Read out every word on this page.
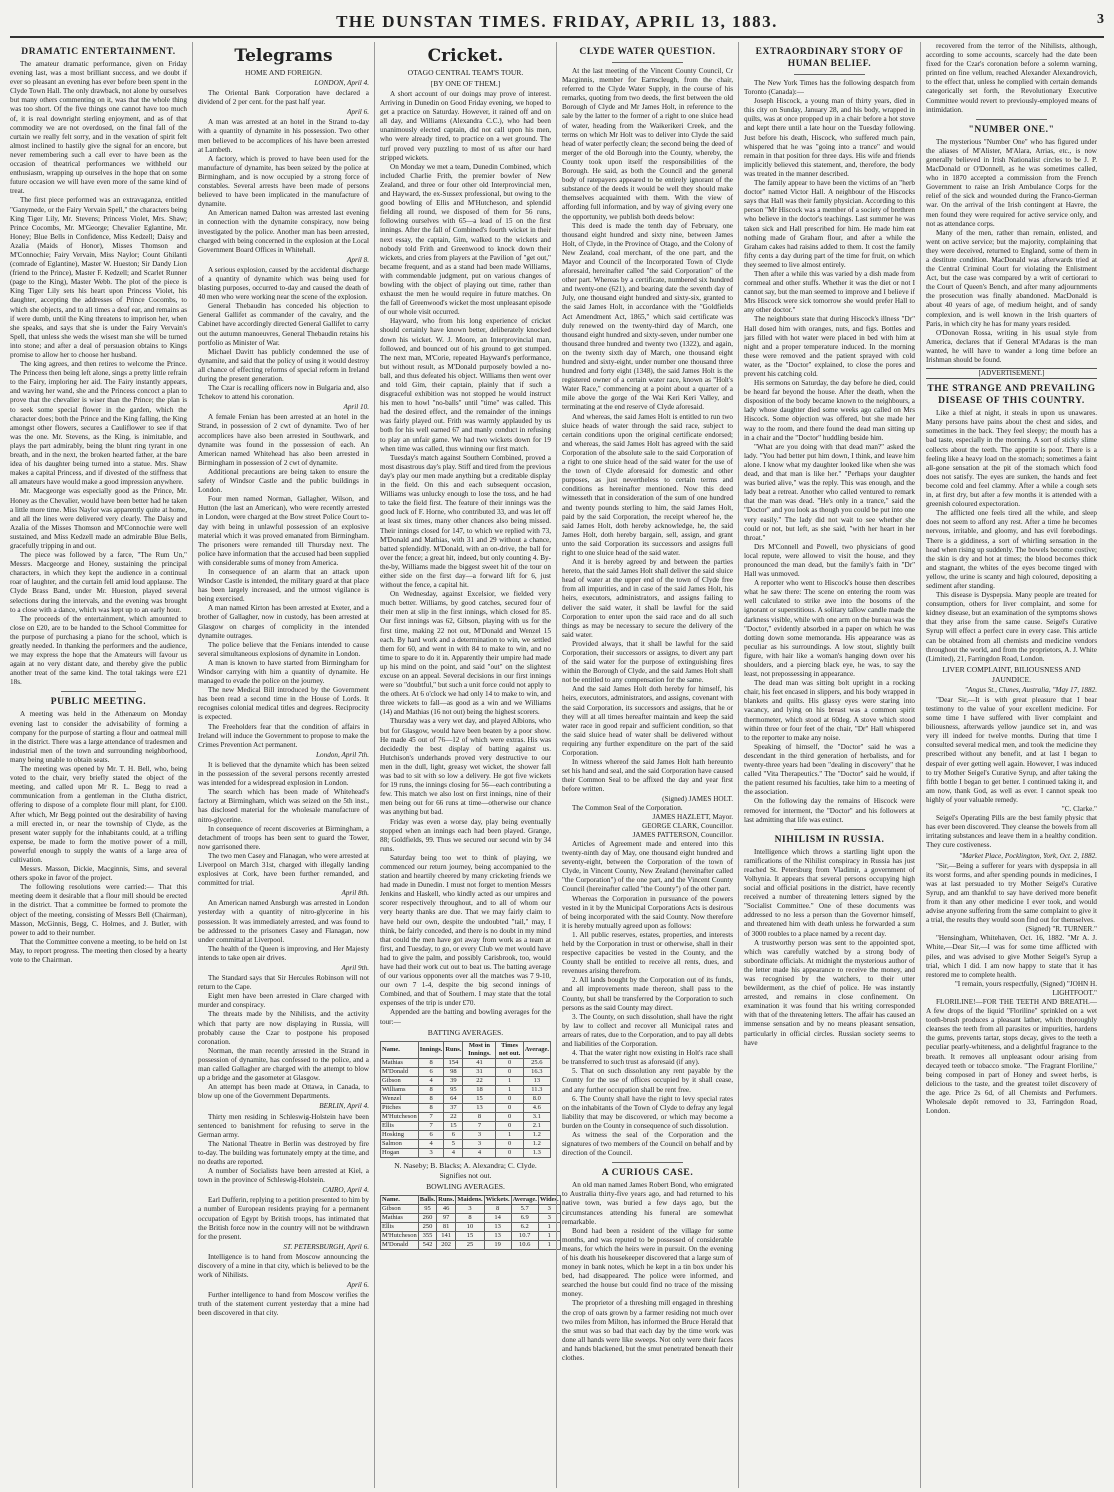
THE DUNSTAN TIMES. FRIDAY, APRIL 13, 1883.	3
DRAMATIC ENTERTAINMENT.

The amateur dramatic performance, given on Friday evening last, was a most brilliant success, and we doubt if ever so pleasant an evening has ever before been spent in the Clyde Town Hall. The only drawback, not alone by ourselves but many others commenting on it, was that the whole thing was too short. Of the five things one cannot have too much of, it is real downright sterling enjoyment, and as of that commodity we are not overdosed, on the final fall of the curtain we really felt sorry, and in the vexation of spirit felt almost inclined to hastily give the signal for an encore, but never remembering such a call ever to have been as the occasion of theatrical performances we withheld our enthusiasm, wrapping up ourselves in the hope that on some future occasion we will have even more of the same kind of treat.

The first piece performed was an extravaganza, entitled "Ganymede, or the Fairy Vervain Spell," the characters being King Tiger Lily, Mr. Stevens; Princess Violet, Mrs. Shaw; Prince Cocombs, Mr. M'George; Chevalier Eglantine, Mr. Honey; Blue Bells in Confidence, Miss Kedzell; Daisy and Azalia (Maids of Honor), Misses Thomson and M'Connochie; Fairy Vervain, Miss Naylor; Count Ghilanti (comrade of Eglantine), Master W. Hueston; Sir Dandy Lion (friend to the Prince), Master F. Kedzell; and Scarlet Runner (page to the King), Master Webb. The plot of the piece is King Tiger Lily sets his heart upon Princess Violet, his daughter, accepting the addresses of Prince Cocombs, to which she objects, and to all times a deaf ear, and remains as if were dumb, until the King threatens to imprison her, when she speaks, and says that she is under the Fairy Vervain's Spell, that unless she weds the wisest man she will be turned into stone; and after a deal of persuasion obtains to Kings promise to allow her to choose her husband.

The king agrees, and then retires to welcome the Prince. The Princess then being left alone, sings a pretty little refrain to the Fairy, imploring her aid. The Fairy instantly appears, and waving her wand, she and the Princess concoct a plan to prove that the chevalier is wiser than the Prince; the plan is to seek some special flower in the garden, which the character does; both the Prince and the King falling, the King amongst other flowers, secures a Cauliflower to see if that was the one. Mr. Stevens, as the King, is inimitable, and plays the part admirably, being the blunt ring tyrant in one breath, and in the next, the broken hearted father, at the bare idea of his daughter being turned into a statue. Mrs. Shaw makes a capital Princess, and if divested of the stiffness that all amateurs have would make a good impression anywhere.

Mr. Macgeorge was especially good as the Prince, Mr. Honey as the Chevalier, would have been better had he taken a little more time. Miss Naylor was apparently quite at home, and all the lines were delivered very clearly. The Daisy and Azalia of the Misses Thomson and M'Connochie were well sustained, and Miss Kedzell made an admirable Blue Bells, gracefully tripping in and out.

The piece was followed by a farce, "The Rum Un," Messrs. Macgeorge and Honey, sustaining the principal characters, in which they kept the audience in a continual roar of laughter, and the curtain fell amid loud applause. The Clyde Brass Band, under Mr. Hueston, played several selections during the intervals, and the evening was brought to a close with a dance, which was kept up to an early hour.

The proceeds of the entertainment, which amounted to close on £20, are to be handed to the School Committee for the purpose of purchasing a piano for the school, which is greatly needed. In thanking the performers and the audience, we may express the hope that the Amateurs will favour us again at no very distant date, and thereby give the public another treat of the same kind. The total takings were £21 18s.

PUBLIC MEETING.

A meeting was held in the Athenæum on Monday evening last to consider the advisability of forming a company for the purpose of starting a flour and oatmeal mill in the district. There was a large attendance of tradesmen and industrial men of the town and surrounding neighborhood, many being unable to obtain seats.

The meeting was opened by Mr. T. H. Bell, who, being voted to the chair, very briefly stated the object of the meeting, and called upon Mr R. L. Begg to read a communication from a gentleman in the Clutha district, offering to dispose of a complete flour mill plant, for £100. After which, Mr Begg pointed out the desirability of having a mill erected in, or near the township of Clyde, as the present water supply for the inhabitants could, at a trifling expense, be made to form the motive power of a mill, powerful enough to supply the wants of a large area of cultivation.

Messrs. Masson, Dickie, Macginnis, Sims, and several others spoke in favor of the project.

The following resolutions were carried:— That this meeting deem it desirable that a flour mill should be erected in the district. That a committee be formed to promote the object of the meeting, consisting of Messrs Bell (Chairman), Masson, McGinnis, Begg, C. Holmes, and J. Butler, with power to add to their number.

That the Committee convene a meeting, to be held on 1st May, to report progress. The meeting then closed by a hearty vote to the Chairman.

Telegrams
HOME AND FOREIGN.
LONDON, April 4.

The Oriental Bank Corporation have declared a dividend of 2 per cent. for the past half year.

April 6.

A man was arrested at an hotel in the Strand to-day with a quantity of dynamite in his possession. Two other men believed to be accomplices of his have been arrested at Lambeth.

A factory, which is proved to have been used for the manufacture of dynamite, has been seized by the police at Birmingham, and is now occupied by a strong force of constables. Several arrests have been made of persons believed to have been implicated in the manufacture of dynamite.

An American named Dalton was arrested last evening in connection with the dynamite conspiracy, now being investigated by the police. Another man has been arrested, charged with being concerned in the explosion at the Local Government Board Offices in Whitehall.

April 8.

A serious explosion, caused by the accidental discharge of a quantity of dynamite which was being used for blasting purposes, occurred to-day and caused the death of 40 men who were working near the scene of the explosion.

General Thebaudin has conceded his objection to General Gallifet as commander of the cavalry, and the Cabinet have accordingly directed General Gallifet to carry out the autumn manoeuvres, General Thebaudin retains his portfolio as Minister of War.

Michael Davitt has publicly condemned the use of dynamite, and said that the policy of using it would destroy all chance of effecting reforms of special reform in Ireland during the present generation.

The Czar is recalling officers now in Bulgaria and, also Tchekov to attend his coronation.

April 10.

A female Fenian has been arrested at an hotel in the Strand, in possession of 2 cwt of dynamite. Two of her accomplices have also been arrested in Southwark, and dynamite was found in the possession of each. An American named Whitehead has also been arrested in Birmingham in possession of 2 cwt of dynamite.

Additional precautions are being taken to ensure the safety of Windsor Castle and the public buildings in London.

Four men named Norman, Gallagher, Wilson, and Hutton (the last an American), who were recently arrested in London, were charged at the Bow street Police Court to-day with being in unlawful possession of an explosive material which it was proved emanated from Birmingham. The prisoners were remanded till Thursday next. The police have information that the accused had been supplied with considerable sums of money from America.

In consequence of an alarm that an attack upon Windsor Castle is intended, the military guard at that place has been largely increased, and the utmost vigilance is being exercised.

A man named Kirton has been arrested at Exeter, and a brother of Gallagher, now in custody, has been arrested at Glasgow on charges of complicity in the intended dynamite outrages.

The police believe that the Fenians intended to cause several simultaneous explosions of dynamite in London.

A man is known to have started from Birmingham for Windsor carrying with him a quantity of dynamite. He managed to evade the police on the journey.

The new Medical Bill introduced by the Government has been read a second time in the House of Lords. It recognises colonial medical titles and degrees. Reciprocity is expected.

The Freeholders fear that the condition of affairs in Ireland will induce the Government to propose to make the Crimes Prevention Act permanent.

London, April 7th.

It is believed that the dynamite which has been seized in the possession of the several persons recently arrested was intended for a widespread explosion in London.

The search which has been made of Whitehead's factory at Birmingham, which was seized on the 5th inst., has disclosed material for the wholesale manufacture of nitro-glycerine.

In consequence of recent discoveries at Birmingham, a detachment of troops has been sent to guard the Tower, now garrisoned there.

The two men Casey and Flanagan, who were arrested at Liverpool on March 31st, charged with illegally landing explosives at Cork, have been further remanded, and committed for trial.

April 8th.

An American named Ansburgh was arrested in London yesterday with a quantity of nitro-glycerine in his possession. It was immediately arrested, and was found to be addressed to the prisoners Casey and Flanagan, now under committal at Liverpool.

The health of the Queen is improving, and Her Majesty intends to take open air drives.

April 9th.

The Standard says that Sir Hercules Robinson will not return to the Cape.

Eight men have been arrested in Clare charged with murder and conspiracy.

The threats made by the Nihilists, and the activity which that party are now displaying in Russia, will probably cause the Czar to postpone his proposed coronation.

Norman, the man recently arrested in the Strand in possession of dynamite, has confessed to the police, and a man called Gallagher are charged with the attempt to blow up a bridge and the gasometer at Glasgow.

An attempt has been made at Ottawa, in Canada, to blow up one of the Government Departments.

BERLIN, April 4.

Thirty men residing in Schleswig-Holstein have been sentenced to banishment for refusing to serve in the German army.

The National Theatre in Berlin was destroyed by fire to-day. The building was fortunately empty at the time, and no deaths are reported.

A number of Socialists have been arrested at Kiel, a town in the province of Schleswig-Holstein.

CAIRO, April 4.

Earl Dufferin, replying to a petition presented to him by a number of European residents praying for a permanent occupation of Egypt by British troops, has intimated that the British force now in the country will not be withdrawn for the present.

ST. PETERSBURGH, April 6.

Intelligence is to hand from Moscow announcing the discovery of a mine in that city, which is believed to be the work of Nihilists.

April 6.

Further intelligence to hand from Moscow verifies the truth of the statement current yesterday that a mine had been discovered in that city.

Cricket.
OTAGO CENTRAL TEAM'S TOUR.
[BY ONE OF THEM.]

A short account of our doings may prove of interest. Arriving in Dunedin on Good Friday evening, we hoped to get a practice on Saturday. However, it rained off and on all day, and Williams (Alexandra C.C.), who had been unanimously elected captain, did not call upon his men, who were already tired, to practice on a wet ground. The turf proved very puzzling to most of us after our hard stripped wickets.

On Monday we met a team, Dunedin Combined, which included Charlie Frith, the premier bowler of New Zealand, and three or four other old Interprovincial men, and Hayward, the ex-Sussex professional, but owing to the good bowling of Ellis and M'Hutcheson, and splendid fielding all round, we disposed of them for 56 runs, following ourselves with 65—a lead of 15 on the first innings. After the fall of Combined's fourth wicket in their next essay, the captain, Gim, walked to the wickets and nobody told Frith and Greenwood to knock down their wickets, and cries from players at the Pavilion of "get out," became frequent, and as a stand had been made Williams, with commendable judgment, put on various changes of bowling with the object of playing out time, rather than exhaust the men he would require in future matches. On the fall of Greenwood's wicket the most unpleasant episode of our whole visit occurred.

Hayward, who from his long experience of cricket should certainly have known better, deliberately knocked down his wicket. W. J. Moore, an Interprovincial man, followed, and bounced out of his ground to get stumped. The next man, M'Corie, repeated Hayward's performance, but without result, as M'Donald purposely bowled a no-ball, and thus defeated his object. Williams then went over and told Gim, their captain, plainly that if such a disgraceful exhibition was not stopped he would instruct his men to howl "no-balls" until "time" was called. This had the desired effect, and the remainder of the innings was fairly played out. Frith was warmly applauded by us both for his well earned 67 and manly conduct in refusing to play an unfair game. We had two wickets down for 19 when time was called, thus winning our first match.

Tuesday's match against Southern Combined, proved a most disastrous day's play. Stiff and tired from the previous day's play our men made anything but a creditable display in the field. On this and each subsequent occasion, Williams was unlucky enough to lose the toss, and he had to take the field first. The feature of their innings was the good luck of F. Horne, who contributed 33, and was let off at least six times, many other chances also being missed. Their innings closed for 147, to which we replied with 73, M'Donald and Mathias, with 31 and 29 without a chance, batted splendidly. M'Donald, with an on-drive, the ball for over the fence; a great hit, indeed, but only counting 4. By-the-by, Williams made the biggest sweet hit of the tour on either side on the first day—a forward lift for 6, just without the fence, a capital hit.

On Wednesday, against Excelsior, we fielded very much better. Williams, by good catches, secured four of their men at slip in the first innings, which closed for 85. Our first innings was 62, Gibson, playing with us for the first time, making 22 not out, M'Donald and Wenzel 15 each. By hard work and a determination to win, we settled them for 60, and went in with 84 to make to win, and no time to spare to do it in. Apparently their umpire had made up his mind on the point, and said "out" on the slightest excuse on an appeal. Several decisions in our first innings were so "doubtful," but such a unit force could not apply to the others. At 6 o'clock we had only 14 to make to win, and three wickets to fall—as good as a win and we Williams (14) and Mathias (16 not out) being the highest scorers.

Thursday was a very wet day, and played Albions, who but for Glasgow, would have been beaten by a poor show. He made 45 out of 76—12 of which were extras. His was decidedly the best display of batting against us. Hutchison's underhands proved very destructive to our men in the dull, light, greasy wet wicket, the shower fall was bad to sit with so low a delivery. He got five wickets for 19 runs, the innings closing for 56—each contributing a few. This match we also lost on first innings, nine of their men being out for 66 runs at time—otherwise our chance was anything but bad.

Friday was even a worse day, play being eventually stopped when an innings each had been played. Grange, 88; Goldfields, 99. Thus we secured our second win by 34 runs.

Saturday being too wet to think of playing, we commenced our return journey, being accompanied to the station and heartily cheered by many cricketing friends we had made in Dunedin. I must not forget to mention Messrs Jenkins and Haskell, who kindly acted as our umpires and scorer respectively throughout, and to all of whom our very hearty thanks are due. That we may fairly claim to have held our own, despite the undoubted "tail," may, I think, be fairly conceded, and there is no doubt in my mind that could the men have got away from work as a team at first, and Tuesday, to go, or every Club we met would have had to give the palm, and possibly Carisbrook, too, would have had their work cut out to beat us. The batting average of our various opponents over all the matches was 7 9-10, our own 7 1-4, despite the big second innings of Combined, and that of Southern. I may state that the total expenses of the trip is under £70.

Appended are the batting and bowling averages for the tour:—

BATTING AVERAGES.
Name.	Innings.	Runs.	Most in Innings.	Times not out.	Average.
Mathias	8	154	41	0	25.6
M'Donald	6	98	31	0	16.3
Gibson	4	39	22	1	13
Williams	8	95	18	1	11.3
Wenzel	8	64	15	0	8.0
Pitches	8	37	13	0	4.6
M'Hutcheson	7	22	8	0	3.1
Ellis	7	15	7	0	2.1
Hosking	6	6	3	1	1.2
Salmon	4	5	3	0	1.2
Hogan	3	4	4	0	1.3
N. Naseby; B. Blacks; A. Alexandra; C. Clyde. Signifies not out.
BOWLING AVERAGES.
Name.	Balls.	Runs.	Maidens.	Wickets.	Average.	Wides.
Gibson	95	46	3	8	5.7	3
Mathias	260	97	8	14	6.9	3
Ellis	250	81	10	13	6.2	1
M'Hutcheson	355	141	15	13	10.7	1
M'Donald	542	202	25	19	10.6	1
CLYDE WATER QUESTION.

At the last meeting of the Vincent County Council, Cr Macginnis, member for Earnscleugh, from the chair, referred to the Clyde Water Supply, in the course of his remarks, quoting from two deeds, the first between the old Borough of Clyde and Mr James Holt, in reference to the sale by the latter to the former of a right to one sluice head of water, heading from the Waikerikeri Creek, and the terms on which Mr Holt was to deliver into Clyde the said head of water perfectly clean; the second being the deed of merger of the old Borough into the County, whereby, the County took upon itself the responsibilities of the Borough. He said, as both the Council and the general body of ratepayers appeared to be entirely ignorant of the substance of the deeds it would be well they should make themselves acquainted with them. With the view of affording full information, and by way of giving every one the opportunity, we publish both deeds below:

This deed is made the tenth day of February, one thousand eight hundred and sixty nine, between James Holt, of Clyde, in the Province of Otago, and the Colony of New Zealand, coal merchant, of the one part, and the Mayor and Council of the Incorporated Town of Clyde aforesaid, hereinafter called "the said Corporation" of the other part. Whereas by a certificate, numbered six hundred and twenty-one (621), and bearing date the seventh day of July, one thousand eight hundred and sixty-six, granted to the said James Holt, in accordance with the "Goldfields Act Amendment Act, 1865," which said certificate was duly renewed on the twenty-third day of March, one thousand eight hundred and sixty-seven, under number one thousand three hundred and twenty two (1322), and again, on the twenty sixth day of March, one thousand eight hundred and sixty-eight, under number one thousand three hundred and forty eight (1348), the said James Holt is the registered owner of a certain water race, known as "Holt's Water Race," commencing at a point about a quarter of a mile above the gorge of the Wai Keri Keri Valley, and terminating at the end reserve of Clyde aforesaid.

And whereas, the said James Holt is entitled to run two sluice heads of water through the said race, subject to certain conditions upon the original certificate endorsed; and whereas, the said James Holt has agreed with the said Corporation of the absolute sale to the said Corporation of a right to one sluice head of the said water for the use of the town of Clyde aforesaid for domestic and other purposes, as just nevertheless to certain terms and conditions as hereinafter mentioned. Now this deed witnesseth that in consideration of the sum of one hundred and twenty pounds sterling to him, the said James Holt, paid by the said Corporation, the receipt whereof he, the said James Holt, doth hereby acknowledge, he, the said James Holt, doth hereby bargain, sell, assign, and grant unto the said Corporation its successors and assigns full right to one sluice head of the said water.

And it is hereby agreed by and between the parties hereto, that the said James Holt shall deliver the said sluice head of water at the upper end of the town of Clyde free from all impurities, and in case of the said James Holt, his heirs, executors, administrators, and assigns failing to deliver the said water, it shall be lawful for the said Corporation to enter upon the said race and do all such things as may be necessary to secure the delivery of the said water.

Provided always, that it shall be lawful for the said Corporation, their successors or assigns, to divert any part of the said water for the purpose of extinguishing fires within the Borough of Clyde, and the said James Holt shall not be entitled to any compensation for the same.

And the said James Holt doth hereby for himself, his heirs, executors, administrators, and assigns, covenant with the said Corporation, its successors and assigns, that he or they will at all times hereafter maintain and keep the said water race in good repair and sufficient condition, so that the said sluice head of water shall be delivered without requiring any further expenditure on the part of the said Corporation.

In witness whereof the said James Holt hath hereunto set his hand and seal, and the said Corporation have caused their Common Seal to be affixed the day and year first before written.

(Signed) JAMES HOLT.

The Common Seal of the Corporation.

JAMES HAZLETT, Mayor.
GEORGE CLARK, Councillor.
JAMES PATTERSON, Councillor.

Articles of Agreement made and entered into this twenty-ninth day of May, one thousand eight hundred and seventy-eight, between the Corporation of the town of Clyde, in Vincent County, New Zealand (hereinafter called "the Corporation") of the one part, and the Vincent County Council (hereinafter called "the County") of the other part.

Whereas the Corporation in pursuance of the powers vested in it by the Municipal Corporations Acts is desirous of being incorporated with the said County. Now therefore it is hereby mutually agreed upon as follows:

1. All public reserves, estates, properties, and interests held by the Corporation in trust or otherwise, shall in their respective capacities be vested in the County, and the County shall be entitled to receive all rents, dues, and revenues arising therefrom.

2. All lands bought by the Corporation out of its funds, and all improvements made thereon, shall pass to the County, but shall be transferred by the Corporation to such persons as the said County may direct.

3. The County, on such dissolution, shall have the right by law to collect and recover all Municipal rates and arrears of rates, due to the Corporation, and to pay all debts and liabilities of the Corporation.

4. That the water right now existing in Holt's race shall be transferred to such trust as aforesaid (if any).

5. That on such dissolution any rent payable by the County for the use of offices occupied by it shall cease, and any further occupation shall be rent free.

6. The County shall have the right to levy special rates on the inhabitants of the Town of Clyde to defray any legal liability that may be discovered, or which may become a burden on the County in consequence of such dissolution.

As witness the seal of the Corporation and the signatures of two members of the Council on behalf and by direction of the Council.

A CURIOUS CASE.

An old man named James Robert Bond, who emigrated to Australia thirty-five years ago, and had returned to his native town, was buried a few days ago, but the circumstances attending his funeral are somewhat remarkable.

Bond had been a resident of the village for some months, and was reputed to be possessed of considerable means, for which the heirs were in pursuit. On the evening of his death his housekeeper discovered that a large sum of money in bank notes, which he kept in a tin box under his bed, had disappeared. The police were informed, and searched the house but could find no trace of the missing money.

The proprietor of a threshing mill engaged in threshing the crop of oats grown by a farmer residing not much over two miles from Milton, has informed the Bruce Herald that the smut was so bad that each day by the time work was done all hands were like sweeps. Not only were their faces and hands blackened, but the smut penetrated beneath their clothes.

EXTRAORDINARY STORY OF HUMAN BELIEF.

The New York Times has the following despatch from Toronto (Canada):—

Joseph Hiscock, a young man of thirty years, died in this city on Sunday, January 28, and his body, wrapped in quilts, was at once propped up in a chair before a hot stove and kept there until a late hour on the Tuesday following. Just before his death, Hiscock, who suffered much pain, whispered that he was "going into a trance" and would remain in that position for three days. His wife and friends implicitly believed this statement, and, therefore, the body was treated in the manner described.

The family appear to have been the victims of an "herb doctor" named Victor Hall. A neighbour of the Hiscocks says that Hall was their family physician. According to this person "Mr Hiscock was a member of a society of brethren who believe in the doctor's teachings. Last summer he was taken sick and Hall prescribed for him. He made him eat nothing made of Graham flour, and after a while the Graham cakes had raisins added to them. It cost the family fifty cents a day during part of the time for fruit, on which they seemed to live almost entirely.

Then after a while this was varied by a dish made from cornmeal and other stuffs. Whether it was the diet or not I cannot say, but the man seemed to improve and I believe if Mrs Hiscock were sick tomorrow she would prefer Hall to any other doctor."

The neighbours state that during Hiscock's illness "Dr" Hall dosed him with oranges, nuts, and figs. Bottles and jars filled with hot water were placed in bed with him at night and a proper temperature induced. In the morning these were removed and the patient sprayed with cold water, as the "Doctor" explained, to close the pores and prevent his catching cold.

His sermons on Saturday, the day before he died, could be heard far beyond the house. After the death, when the disposition of the body became known to the neighbours, a lady whose daughter died some weeks ago called on Mrs Hiscock. Some objection was offered, but she made her way to the room, and there found the dead man sitting up in a chair and the "Doctor" huddling beside him.

"What are you doing with that dead man?" asked the lady. "You had better put him down, I think, and leave him alone. I know what my daughter looked like when she was dead, and that man is like her." "Perhaps your daughter was buried alive," was the reply. This was enough, and the lady beat a retreat. Another who called ventured to remark that the man was dead. "He's only in a trance," said the "Doctor" and you look as though you could be put into one very easily." The lady did not wait to see whether she could or not, but left, as she said, "with her heart in her throat."

Drs M'Connell and Powell, two physicians of good local repute, were allowed to visit the house, and they pronounced the man dead, but the family's faith in "Dr" Hall was unmoved.

A reporter who went to Hiscock's house then describes what he saw there: The scene on entering the room was well calculated to strike awe into the bosoms of the ignorant or superstitious. A solitary tallow candle made the darkness visible, while with one arm on the bureau was the "Doctor," evidently absorbed in a paper on which he was dotting down some memoranda. His appearance was as peculiar as his surroundings. A low stout, slightly built figure, with hair like a woman's hanging down over his shoulders, and a piercing black eye, he was, to say the least, not prepossessing in appearance.

The dead man was sitting bolt upright in a rocking chair, his feet encased in slippers, and his body wrapped in blankets and quilts. His glassy eyes were staring into vacancy, and lying on his breast was a common spirit thermometer, which stood at 60deg. A stove which stood within three or four feet of the chair, "Dr" Hall whispered to the reporter to make any noise.

Speaking of himself, the "Doctor" said he was a descendant in the third generation of herbalists, and for twenty-three years had been "dealing in discovery" that he called "Vita Therapeutics." The "Doctor" said he would, if the patient resumed his faculties, take him to a meeting of the association.

On the following day the remains of Hiscock were removed for interment, the "Doctor" and his followers at last admitting that life was extinct.

NIHILISM IN RUSSIA.

Intelligence which throws a startling light upon the ramifications of the Nihilist conspiracy in Russia has just reached St. Petersburg from Vladimir, a government of Volhynia. It appears that several persons occupying high social and official positions in the district, have recently received a number of threatening letters signed by the "Socialist Committee." One of these documents was addressed to no less a person than the Governor himself, and threatened him with death unless he forwarded a sum of 3000 roubles to a place named by a recent day.

A trustworthy person was sent to the appointed spot, which was carefully watched by a strong body of subordinate officials. At midnight the mysterious author of the letter made his appearance to receive the money, and was recognised by the watchers, to their utter bewilderment, as the chief of police. He was instantly arrested, and remains in close confinement. On examination it was found that his writing corresponded with that of the threatening letters. The affair has caused an immense sensation and by no means pleasant sensation, particularly in official circles. Russian society seems to have

recovered from the terror of the Nihilists, although, according to some accounts, scarcely had the date been fixed for the Czar's coronation before a solemn warning, printed on fine vellum, reached Alexander Alexandrovich, to the effect that, unless he complied with certain demands categorically set forth, the Revolutionary Executive Committee would revert to previously-employed means of intimidation.

"NUMBER ONE."

The mysterious "Number One" who has figured under the aliases of M'Alister, M'Alara, Arrias, etc., is now generally believed in Irish Nationalist circles to be J. P. MacDonald or O'Donnell, as he was sometimes called, who in 1870 accepted a commission from the French Government to raise an Irish Ambulance Corps for the relief of the sick and wounded during the Franco-German war. On the arrival of the Irish contingent at Havre, the men found they were required for active service only, and not as attendance corps.

Many of the men, rather than remain, enlisted, and went on active service; but the majority, complaining that they were deceived, returned to England, some of them in a destitute condition. MacDonald was afterwards tried at the Central Criminal Court for violating the Enlistment Act, but the case was compared by a writ of certiorari to the Court of Queen's Bench, and after many adjournments the prosecution was finally abandoned. MacDonald is about 40 years of age, of medium height, and of sandy complexion, and is well known in the Irish quarters of Paris, in which city he has for many years resided.

O'Donovan Rossa, writing in his usual style from America, declares that if General M'Adaras is the man wanted, he will have to wander a long time before an Irishman should be found.

[ADVERTISEMENT.]
THE STRANGE AND PREVAILING DISEASE OF THIS COUNTRY.

Like a thief at night, it steals in upon us unawares. Many persons have pains about the chest and sides, and sometimes in the back. They feel sleepy; the mouth has a bad taste, especially in the morning. A sort of sticky slime collects about the teeth. The appetite is poor. There is a feeling like a heavy load on the stomach; sometimes a faint all-gone sensation at the pit of the stomach which food does not satisfy. The eyes are sunken, the hands and feet become cold and feel clammy. After a while a cough sets in, at first dry, but after a few months it is attended with a greenish coloured expectoration.

The afflicted one feels tired all the while, and sleep does not seem to afford any rest. After a time he becomes nervous, irritable, and gloomy, and has evil forebodings. There is a giddiness, a sort of whirling sensation in the head when rising up suddenly. The bowels become costive; the skin is dry and hot at times; the blood becomes thick and stagnant, the whites of the eyes become tinged with yellow, the urine is scanty and high coloured, depositing a sediment after standing.

This disease is Dyspepsia. Many people are treated for consumption, others for liver complaint, and some for kidney disease, but an examination of the symptoms shows that they arise from the same cause. Seigel's Curative Syrup will effect a perfect cure in every case. This article can be obtained from all chemists and medicine vendors throughout the world, and from the proprietors, A. J. White (Limited), 21, Farringdon Road, London.

LIVER COMPLAINT, BILIOUSNESS AND JAUNDICE.
"Angus St., Clunes, Australia, "May 17, 1882.

"Dear Sir,—It is with great pleasure that I bear testimony to the value of your excellent medicine. For some time I have suffered with liver complaint and biliousness, afterwards yellow jaundice set in, and was very ill indeed for twelve months. During that time I consulted several medical men, and took the medicine they prescribed without any benefit, and at last I began to despair of ever getting well again. However, I was induced to try Mother Seigel's Curative Syrup, and after taking the fifth bottle I began to get better. I continued taking it, and am now, thank God, as well as ever. I cannot speak too highly of your valuable remedy.

"C. Clarke."

Seigel's Operating Pills are the best family physic that has ever been discovered. They cleanse the bowels from all irritating substances and leave them in a healthy condition. They cure costiveness.

"Market Place, Pocklington, York, Oct. 2, 1882.

"Sir,—Being a sufferer for years with dyspepsia in all its worst forms, and after spending pounds in medicines, I was at last persuaded to try Mother Seigel's Curative Syrup, and am thankful to say have derived more benefit from it than any other medicine I ever took, and would advise anyone suffering from the same complaint to give it a trial, the results they would soon find out for themselves.

(Signed) "R. TURNER."

"Hensingham, Whitehaven, Oct. 16, 1882. "Mr A. J. White,—Dear Sir,—I was for some time afflicted with piles, and was advised to give Mother Seigel's Syrup a trial, which I did. I am now happy to state that it has restored me to complete health.

"I remain, yours respectfully, (Signed) "JOHN H. LIGHTFOOT."

FLORILINE!—FOR THE TEETH AND BREATH.—A few drops of the liquid "Floriline" sprinkled on a wet tooth-brush produces a pleasant lather, which thoroughly cleanses the teeth from all parasites or impurities, hardens the gums, prevents tartar, stops decay, gives to the teeth a peculiar pearly-whiteness, and a delightful fragrance to the breath. It removes all unpleasant odour arising from decayed teeth or tobacco smoke. "The Fragrant Floriline," being composed in part of Honey and sweet herbs, is delicious to the taste, and the greatest toilet discovery of the age. Price 2s 6d, of all Chemists and Perfumers. Wholesale depôt removed to 33, Farringdon Road, London.
